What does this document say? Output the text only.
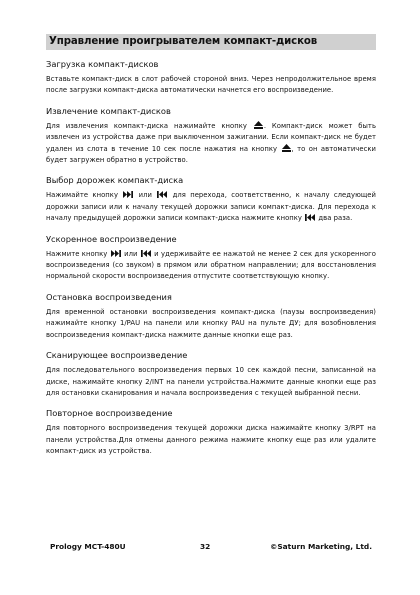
Управление проигрывателем компакт-дисков
Загрузка компакт-дисков
Вставьте компакт-диск в слот рабочей стороной вниз. Через непродолжительное время после загрузки компакт-диска автоматически начнется его воспроизведение.
Извлечение компакт-дисков
Для извлечения компакт-диска нажимайте кнопку
. Компакт-диск может быть извлечен из устройства даже при выключенном зажигании. Если компакт-диск не будет удален из слота в течение 10 сек после нажатия на кнопку
, то он автоматически будет загружен обратно в устройство.
Выбор дорожек компакт-диска
Нажимайте кнопку
или
для перехода, соответственно, к началу следующей дорожки записи или к началу текущей дорожки записи компакт-диска. Для перехода к началу предыдущей дорожки записи компакт-диска нажмите кнопку
два раза.
Ускоренное воспроизведение
Нажмите кнопку
или
и удерживайте ее нажатой не менее 2 сек для ускоренного воспроизведения (со звуком) в прямом или обратном направлении; для восстановления нормальной скорости воспроизведения отпустите соответствующую кнопку.
Остановка воспроизведения
Для временной остановки воспроизведения компакт-диска (паузы воспроизведения) нажимайте кнопку 1/PAU на панели или кнопку PAU на пульте ДУ; для возобновления воспроизведения компакт-диска нажмите данные кнопки еще раз.
Сканирующее воспроизведение
Для последовательного воспроизведения первых 10 сек каждой песни, записанной на диске, нажимайте кнопку 2/INT на панели устройства.Нажмите данные кнопки еще раз для остановки сканирования и начала воспроизведения с текущей выбранной песни.
Повторное воспроизведение
Для повторного воспроизведения текущей дорожки диска нажимайте кнопку 3/RPT на панели устройства.Для отмены данного режима нажмите кнопку еще раз или удалите компакт-диск из устройства.
Prology MCT-480U	32	©Saturn Marketing, Ltd.
